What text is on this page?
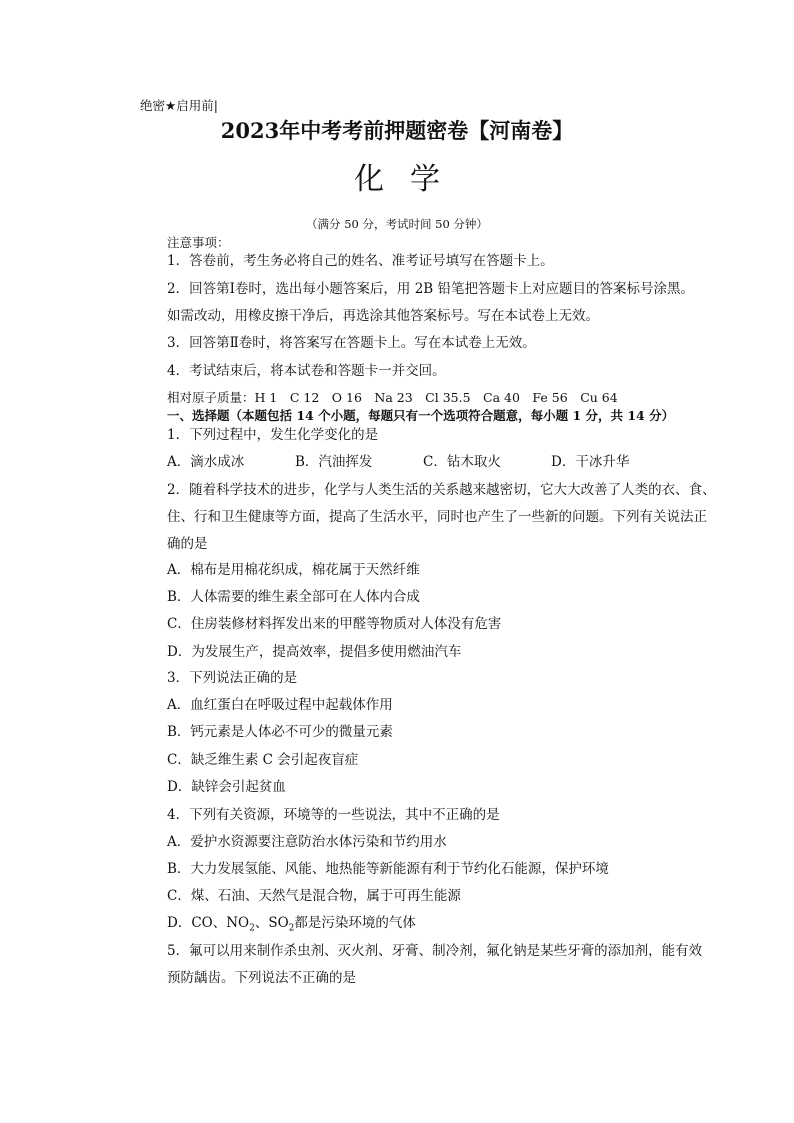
绝密★启用前|
2023年中考考前押题密卷【河南卷】
化学
（满分 50 分，考试时间 50 分钟）
注意事项：
1．答卷前，考生务必将自己的姓名、准考证号填写在答题卡上。
2．回答第Ⅰ卷时，选出每小题答案后，用 2B 铅笔把答题卡上对应题目的答案标号涂黑。
如需改动，用橡皮擦干净后，再选涂其他答案标号。写在本试卷上无效。
3．回答第Ⅱ卷时，将答案写在答题卡上。写在本试卷上无效。
4．考试结束后，将本试卷和答题卡一并交回。
相对原子质量：H 1　C 12　O 16　Na 23　Cl 35.5　Ca 40　Fe 56　Cu 64
一、选择题（本题包括 14 个小题，每题只有一个选项符合题意，每小题 1 分，共 14 分）
1．下列过程中，发生化学变化的是
A．滴水成冰	B．汽油挥发	C．钻木取火	D．干冰升华
2．随着科学技术的进步，化学与人类生活的关系越来越密切，它大大改善了人类的衣、食、
住、行和卫生健康等方面，提高了生活水平，同时也产生了一些新的问题。下列有关说法正
确的是
A．棉布是用棉花织成，棉花属于天然纤维
B．人体需要的维生素全部可在人体内合成
C．住房装修材料挥发出来的甲醛等物质对人体没有危害
D．为发展生产，提高效率，提倡多使用燃油汽车
3．下列说法正确的是
A．血红蛋白在呼吸过程中起载体作用
B．钙元素是人体必不可少的微量元素
C．缺乏维生素 C 会引起夜盲症
D．缺锌会引起贫血
4．下列有关资源，环境等的一些说法，其中不正确的是
A．爱护水资源要注意防治水体污染和节约用水
B．大力发展氢能、风能、地热能等新能源有利于节约化石能源，保护环境
C．煤、石油、天然气是混合物，属于可再生能源
D．CO、$NO_2$、$SO_2$都是污染环境的气体
5．氟可以用来制作杀虫剂、灭火剂、牙膏、制冷剂，氟化钠是某些牙膏的添加剂，能有效
预防龋齿。下列说法不正确的是
